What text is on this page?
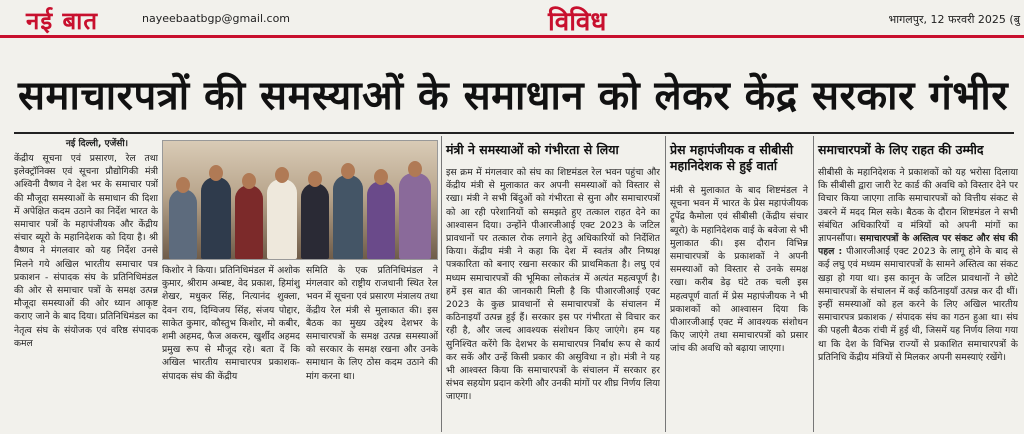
नई बात	nayeebaatbgp@gmail.com	विविध	भागलपुर, 12 फरवरी 2025 (बु
समाचारपत्रों की समस्याओं के समाधान को लेकर केंद्र सरकार गंभीर
नई दिल्ली, एजेंसी।
केंद्रीय सूचना एवं प्रसारण, रेल तथा इलेक्ट्रॉनिक्स एवं सूचना प्रौद्योगिकी मंत्री अश्विनी वैष्णव ने देश भर के समाचार पत्रों की मौजूदा समस्याओं के समाधान की दिशा में अपेक्षित कदम उठाने का निर्देश भारत के समाचार पत्रों के महापंजीयक और केंद्रीय संचार ब्यूरो के महानिदेशक को दिया है। श्री वैष्णव ने मंगलवार को यह निर्देश उनसे मिलने गये अखिल भारतीय समाचार पत्र प्रकाशन - संपादक संघ के प्रतिनिधिमंडल की ओर से समाचार पत्रों के समक्ष उत्पन्न मौजूदा समस्याओं की ओर ध्यान आकृष्ट कराए जाने के बाद दिया। प्रतिनिधिमंडल का नेतृत्व संघ के संयोजक एवं वरिष्ठ संपादक कमल
किशोर ने किया। प्रतिनिधिमंडल में अशोक कुमार, श्रीराम अम्बष्ट, वेद प्रकाश, हिमांशु शेखर, मधुकर सिंह, नित्यानंद शुक्ला, देवन राय, दिग्विजय सिंह, संजय पोद्दार, साकेत कुमार, कौस्तुभ किशोर, मो कबीर, शमी अहमद, फैज अकरम, खुर्शीद अहमद प्रमुख रूप से मौजूद रहे। बता दें कि अखिल भारतीय समाचारपत्र प्रकाशक-संपादक संघ की केंद्रीय
समिति के एक प्रतिनिधिमंडल ने मंगलवार को राष्ट्रीय राजधानी स्थित रेल भवन में सूचना एवं प्रसारण मंत्रालय तथा केंद्रीय रेल मंत्री से मुलाकात की। इस बैठक का मुख्य उद्देश्य देशभर के समाचारपत्रों के समक्ष उत्पन्न समस्याओं को सरकार के समक्ष रखना और उनके समाधान के लिए ठोस कदम उठाने की मांग करना था।
मंत्री ने समस्याओं को गंभीरता से लिया
इस क्रम में मंगलवार को संघ का शिष्टमंडल रेल भवन पहुंचा और केंद्रीय मंत्री से मुलाकात कर अपनी समस्याओं को विस्तार से रखा। मंत्री ने सभी बिंदुओं को गंभीरता से सुना और समाचारपत्रों को आ रही परेशानियों को समझते हुए तत्काल राहत देने का आश्वासन दिया। उन्होंने पीआरजीआई एक्ट 2023 के जटिल प्रावधानों पर तत्काल रोक लगाने हेतु अधिकारियों को निर्देशित किया। केंद्रीय मंत्री ने कहा कि देश में स्वतंत्र और निष्पक्ष पत्रकारिता को बनाए रखना सरकार की प्राथमिकता है। लघु एवं मध्यम समाचारपत्रों की भूमिका लोकतंत्र में अत्यंत महत्वपूर्ण है। हमें इस बात की जानकारी मिली है कि पीआरजीआई एक्ट 2023 के कुछ प्रावधानों से समाचारपत्रों के संचालन में कठिनाइयाँ उत्पन्न हुई हैं। सरकार इस पर गंभीरता से विचार कर रही है, और जल्द आवश्यक संशोधन किए जाएंगे। हम यह सुनिश्चित करेंगे कि देशभर के समाचारपत्र निर्बाध रूप से कार्य कर सकें और उन्हें किसी प्रकार की असुविधा न हो। मंत्री ने यह भी आश्वस्त किया कि समाचारपत्रों के संचालन में सरकार हर संभव सहयोग प्रदान करेगी और उनकी मांगों पर शीघ्र निर्णय लिया जाएगा।
प्रेस महापंजीयक व सीबीसी महानिदेशक से हुई वार्ता
मंत्री से मुलाकात के बाद शिष्टमंडल ने सूचना भवन में भारत के प्रेस महापंजीयक ट्रूपेंद्र कैमोला एवं सीबीसी (केंद्रीय संचार ब्यूरो) के महानिदेशक वाई के बवेजा से भी मुलाकात की। इस दौरान विभिन्न समाचारपत्रों के प्रकाशकों ने अपनी समस्याओं को विस्तार से उनके समक्ष रखा। करीब डेढ़ घंटे तक चली इस महत्वपूर्ण वार्ता में प्रेस महापंजीयक ने भी प्रकाशकों को आश्वासन दिया कि पीआरजीआई एक्ट में आवश्यक संशोधन किए जाएंगे तथा समाचारपत्रों को प्रसार जांच की अवधि को बढ़ाया जाएगा।
समाचारपत्रों के लिए राहत की उम्मीद
सीबीसी के महानिदेशक ने प्रकाशकों को यह भरोसा दिलाया कि सीबीसी द्वारा जारी रेट कार्ड की अवधि को विस्तार देने पर विचार किया जाएगा ताकि समाचारपत्रों को वित्तीय संकट से उबरने में मदद मिल सके। बैठक के दौरान शिष्टमंडल ने सभी संबंधित अधिकारियों व मंत्रियों को अपनी मांगों का ज्ञापनसौंपा। समाचारपत्रों के अस्तित्व पर संकट और संघ की पहल : पीआरजीआई एक्ट 2023 के लागू होने के बाद से कई लघु एवं मध्यम समाचारपत्रों के सामने अस्तित्व का संकट खड़ा हो गया था। इस कानून के जटिल प्रावधानों ने छोटे समाचारपत्रों के संचालन में कई कठिनाइयाँ उत्पन्न कर दी थीं। इन्हीं समस्याओं को हल करने के लिए अखिल भारतीय समाचारपत्र प्रकाशक / संपादक संघ का गठन हुआ था। संघ की पहली बैठक रांची में हुई थी, जिसमें यह निर्णय लिया गया था कि देश के विभिन्न राज्यों से प्रकाशित समाचारपत्रों के प्रतिनिधि केंद्रीय मंत्रियों से मिलकर अपनी समस्याएं रखेंगे।
